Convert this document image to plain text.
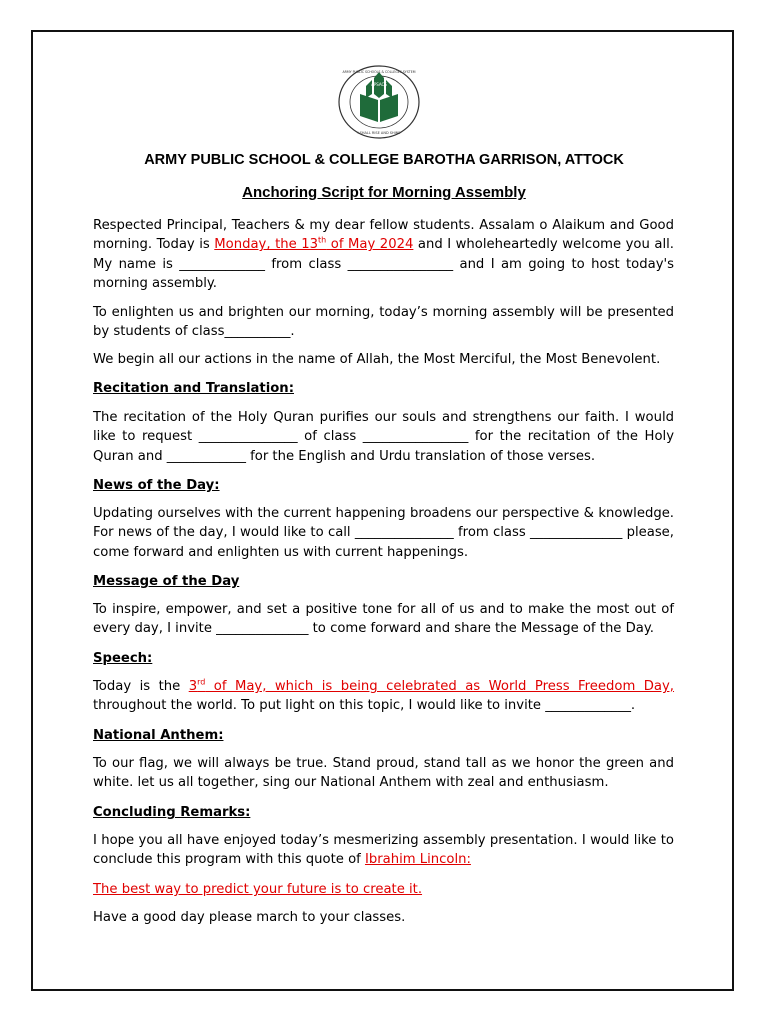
APSACS
I SHALL RISE AND SHINE
ARMY PUBLIC SCHOOLS & COLLEGES SYSTEM
ARMY PUBLIC SCHOOL & COLLEGE BAROTHA GARRISON, ATTOCK
Anchoring Script for Morning Assembly

Respected Principal, Teachers & my dear fellow students. Assalam o Alaikum and Good morning. Today is Monday, the 13th of May 2024 and I wholeheartedly welcome you all. My name is _____________ from class ________________ and I am going to host today's morning assembly.

To enlighten us and brighten our morning, today’s morning assembly will be presented by students of class__________.

We begin all our actions in the name of Allah, the Most Merciful, the Most Benevolent.

Recitation and Translation:

The recitation of the Holy Quran purifies our souls and strengthens our faith. I would like to request _______________ of class ________________ for the recitation of the Holy Quran and ____________ for the English and Urdu translation of those verses.

News of the Day:

Updating ourselves with the current happening broadens our perspective & knowledge. For news of the day, I would like to call _______________ from class ______________ please, come forward and enlighten us with current happenings.

Message of the Day

To inspire, empower, and set a positive tone for all of us and to make the most out of every day, I invite ______________ to come forward and share the Message of the Day.

Speech:

Today is the 3rd of May, which is being celebrated as World Press Freedom Day, throughout the world. To put light on this topic, I would like to invite _____________.

National Anthem:

To our flag, we will always be true. Stand proud, stand tall as we honor the green and white. let us all together, sing our National Anthem with zeal and enthusiasm.

Concluding Remarks:

I hope you all have enjoyed today’s mesmerizing assembly presentation. I would like to conclude this program with this quote of Ibrahim Lincoln:

The best way to predict your future is to create it.

Have a good day please march to your classes.
